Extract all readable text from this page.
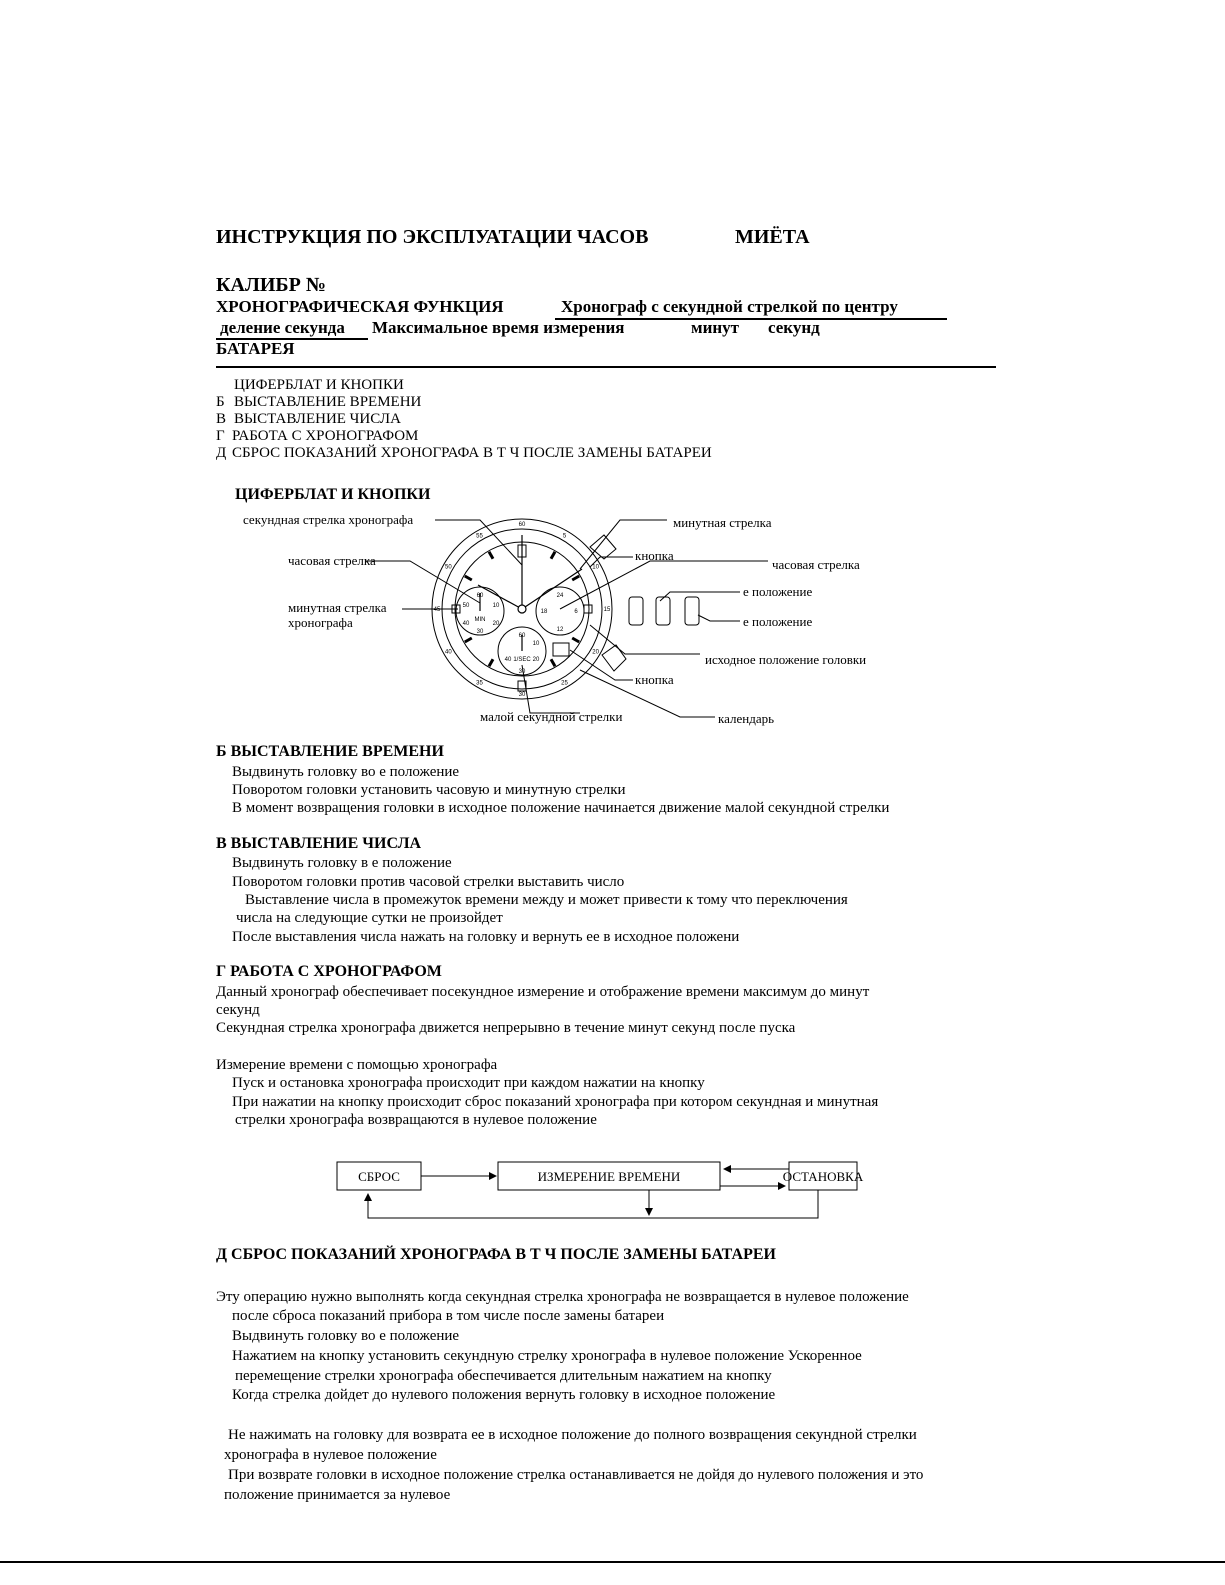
ИНСТРУКЦИЯ ПО ЭКСПЛУАТАЦИИ ЧАСОВ	МИЁТА
КАЛИБР №
ХРОНОГРАФИЧЕСКАЯ ФУНКЦИЯ	Хронограф с секундной стрелкой по центру
деление секунда Максимальное время измерения	минут секунд
БАТАРЕЯ
ЦИФЕРБЛАТ И КНОПКИ
Б ВЫСТАВЛЕНИЕ ВРЕМЕНИ
В ВЫСТАВЛЕНИЕ ЧИСЛА
Г РАБОТА С ХРОНОГРАФОМ
Д СБРОС ПОКАЗАНИЙ ХРОНОГРАФА В Т Ч ПОСЛЕ ЗАМЕНЫ БАТАРЕИ
ЦИФЕРБЛАТ И КНОПКИ
60
10
50
40	20
30
MIN
24
18	6
12
60
10
40	20
30
1/SEC
60
5
10
15
20
25
30
35
40
45
50
55
секундная стрелка хронографа
часовая стрелка
минутная стрелка
хронографа
минутная стрелка
кнопка
часовая стрелка
е положение
е положение
исходное положение головки
кнопка
малой секундной стрелки	календарь
Б ВЫСТАВЛЕНИЕ ВРЕМЕНИ
Выдвинуть головку во е положение
Поворотом головки установить часовую и минутную стрелки
В момент возвращения головки в исходное положение начинается движение малой секундной стрелки
В ВЫСТАВЛЕНИЕ ЧИСЛА
Выдвинуть головку в е положение
Поворотом головки против часовой стрелки выставить число
Выставление числа в промежуток времени между и может привести к тому что переключения
числа на следующие сутки не произойдет
После выставления числа нажать на головку и вернуть ее в исходное положени
Г РАБОТА С ХРОНОГРАФОМ
Данный хронограф обеспечивает посекундное измерение и отображение времени максимум до минут
секунд
Секундная стрелка хронографа движется непрерывно в течение минут секунд после пуска
Измерение времени с помощью хронографа
Пуск и остановка хронографа происходит при каждом нажатии на кнопку
При нажатии на кнопку происходит сброс показаний хронографа при котором секундная и минутная
стрелки хронографа возвращаются в нулевое положение
СБРОС	ИЗМЕРЕНИЕ ВРЕМЕНИ	ОСТАНОВКА
Д СБРОС ПОКАЗАНИЙ ХРОНОГРАФА В Т Ч ПОСЛЕ ЗАМЕНЫ БАТАРЕИ
Эту операцию нужно выполнять когда секундная стрелка хронографа не возвращается в нулевое положение
после сброса показаний прибора в том числе после замены батареи
Выдвинуть головку во е положение
Нажатием на кнопку установить секундную стрелку хронографа в нулевое положение Ускоренное
перемещение стрелки хронографа обеспечивается длительным нажатием на кнопку
Когда стрелка дойдет до нулевого положения вернуть головку в исходное положение
Не нажимать на головку для возврата ее в исходное положение до полного возвращения секундной стрелки
хронографа в нулевое положение
При возврате головки в исходное положение стрелка останавливается не дойдя до нулевого положения и это
положение принимается за нулевое
